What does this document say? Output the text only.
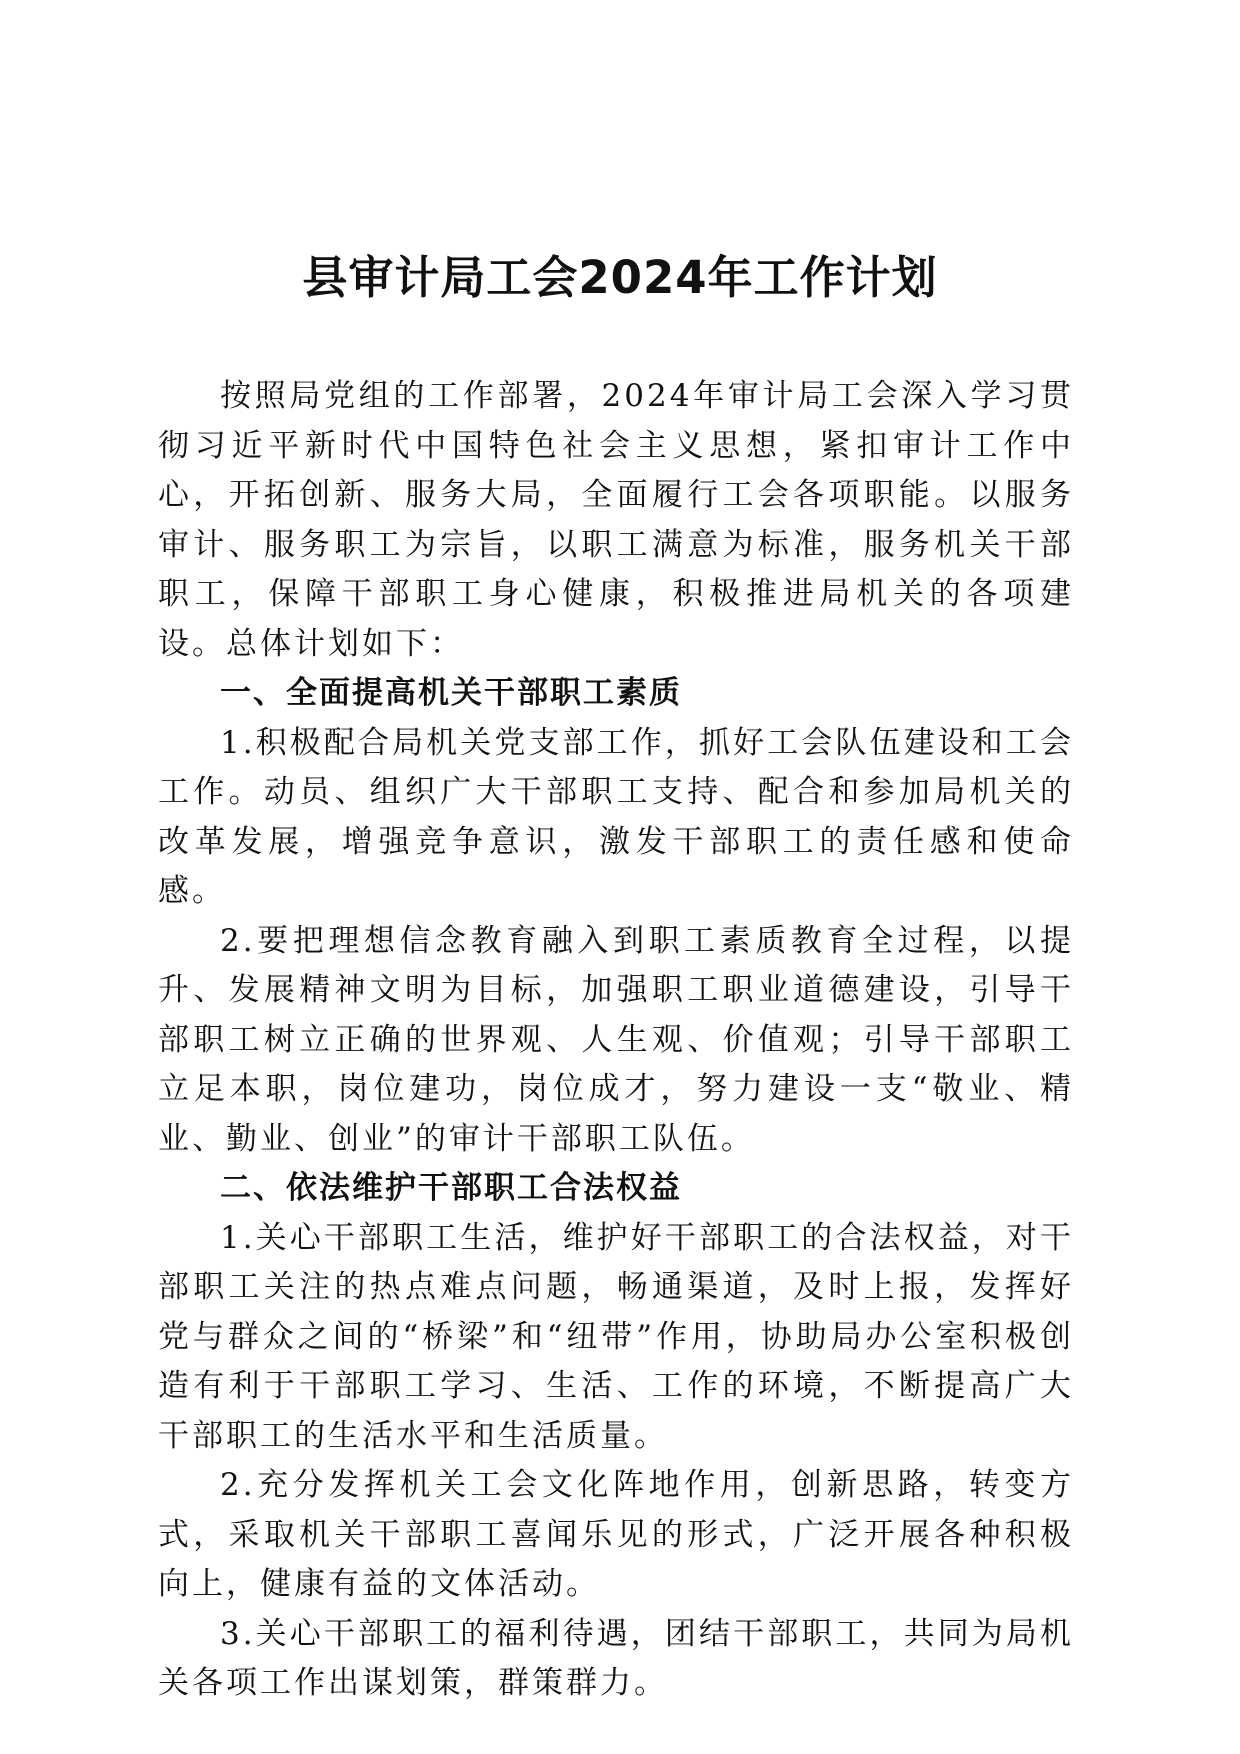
县审计局工会2024年工作计划

按照局党组的工作部署，2024年审计局工会深入学习贯彻习近平新时代中国特色社会主义思想，紧扣审计工作中心，开拓创新、服务大局，全面履行工会各项职能。以服务审计、服务职工为宗旨，以职工满意为标准，服务机关干部职工，保障干部职工身心健康，积极推进局机关的各项建设。总体计划如下：

一、全面提高机关干部职工素质

1.积极配合局机关党支部工作，抓好工会队伍建设和工会工作。动员、组织广大干部职工支持、配合和参加局机关的改革发展，增强竞争意识，激发干部职工的责任感和使命感。

2.要把理想信念教育融入到职工素质教育全过程，以提升、发展精神文明为目标，加强职工职业道德建设，引导干部职工树立正确的世界观、人生观、价值观；引导干部职工立足本职，岗位建功，岗位成才，努力建设一支“敬业、精业、勤业、创业”的审计干部职工队伍。

二、依法维护干部职工合法权益

1.关心干部职工生活，维护好干部职工的合法权益，对干部职工关注的热点难点问题，畅通渠道，及时上报，发挥好党与群众之间的“桥梁”和“纽带”作用，协助局办公室积极创造有利于干部职工学习、生活、工作的环境，不断提高广大干部职工的生活水平和生活质量。

2.充分发挥机关工会文化阵地作用，创新思路，转变方式，采取机关干部职工喜闻乐见的形式，广泛开展各种积极向上，健康有益的文体活动。

3.关心干部职工的福利待遇，团结干部职工，共同为局机关各项工作出谋划策，群策群力。
